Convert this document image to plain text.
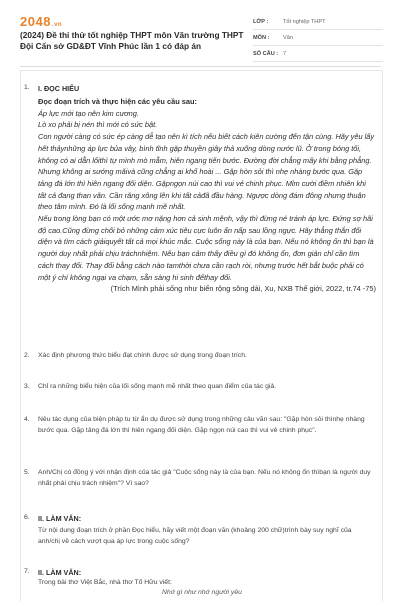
2048.vn
(2024) Đề thi thử tốt nghiệp THPT môn Văn trường THPT Đội Cấn sở GD&ĐT Vĩnh Phúc lần 1 có đáp án
LỚP :	Tốt nghiệp THPT
MÔN :	Văn
SỐ CÂU : 7
1. I. ĐỌC HIỂU

Đọc đoạn trích và thực hiện các yêu cầu sau:

Áp lực mới tạo nên kim cương.

Lò xo phải bị nén thì mới có sức bật.

Con người càng có sức ép càng dễ tạo nên kì tích nếu biết cách kiên cường đến tận cùng. Hãy yêu lấy hết thảynhững áp lực bủa vây, bình tĩnh gặp thuyền giây thả xuống dòng nước lũ. Ở trong bóng tối, không có ai dẫn lốithì tự mình mò mẫm, hiên ngang tiến bước. Đường đời chẳng mấy khi bằng phẳng. Nhưng không ai sướng mãivà cũng chẳng ai khổ hoài ... Gặp hòn sỏi thì nhẹ nhàng bước qua. Gặp tảng đá lớn thì hiên ngang đối diện. Gặpngọn núi cao thì vui vẻ chinh phục. Mỉm cười điềm nhiên khi tất cả đang than vãn. Cần răng xông lên khi tất cảđã đầu hàng. Ngược dòng đám đông nhưng thuận theo tâm mình. Đó là lối sống mạnh mẽ nhất.

Nếu trong lòng bạn có một ước mơ nặng hơn cả sinh mệnh, vậy thì đừng né tránh áp lực. Đứng sợ hãi độ cao.Cũng đừng chối bỏ những cảm xúc tiêu cực luôn ẩn nấp sau lồng ngực. Hãy thẳng thắn đối diện và tìm cách giảiquyết tất cả mọi khúc mắc. Cuộc sống này là của bạn. Nếu nó không ổn thì bạn là người duy nhất phải chịu tráchnhiệm. Nếu bạn cảm thấy điều gì đó không ổn, đơn giản chỉ cần tìm cách thay đổi. Thay đổi bằng cách nào tamthời chưa cần rạch ròi, nhưng trước hết bắt buộc phải có một ý chí không ngại va chạm, sẵn sàng hi sinh đểthay đổi.

(Trích Mình phải sống như biển rộng sông dài, Xu, NXB Thế giới, 2022, tr.74 -75)

2. Xác định phương thức biểu đạt chính được sử dụng trong đoạn trích.
3. Chỉ ra những biểu hiện của lối sống mạnh mẽ nhất theo quan điểm của tác giả.
4. Nêu tác dụng của biện pháp tu từ ẩn dụ được sử dụng trong những câu văn sau: "Gặp hòn sỏi thìnhẹ nhàng bước qua. Gặp tảng đá lớn thì hiên ngang đối diện. Gặp ngọn núi cao thì vui vẻ chinh phục".
5. Anh/Chị có đồng ý với nhận định của tác giả "Cuộc sống này là của bạn. Nếu nó không ổn thìbạn là người duy nhất phải chịu trách nhiệm"? Vì sao?
6. II. LÀM VĂN:
Từ nội dung đoạn trích ở phần Đọc hiểu, hãy viết một đoạn văn (khoảng 200 chữ)trình bày suy nghĩ của anh/chị về cách vượt qua áp lực trong cuộc sống?
7. II. LÀM VĂN:
Trong bài thơ Việt Bắc, nhà thơ Tố Hữu viết:
Nhớ gì như nhớ người yêu
